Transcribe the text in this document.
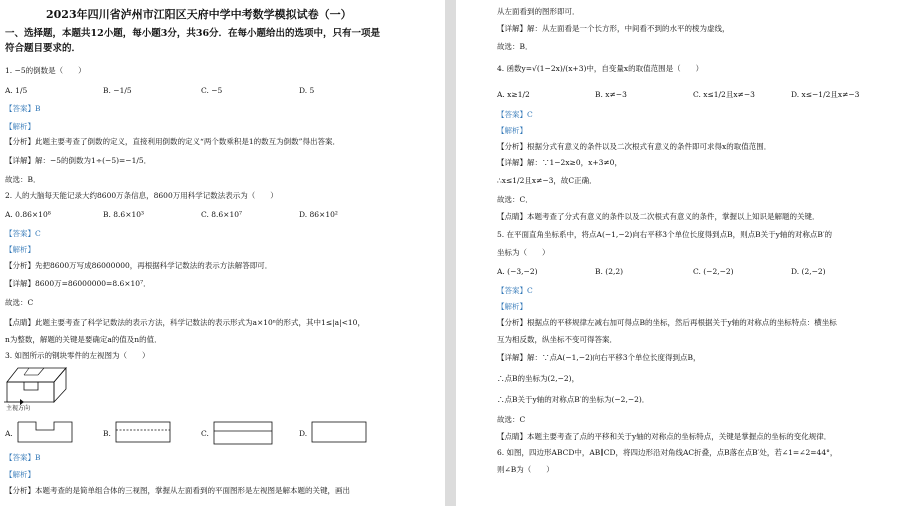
2023年四川省泸州市江阳区天府中学中考数学模拟试卷（一）
一、选择题，本题共12小题，每小题3分，共36分．在每小题给出的选项中，只有一项是
符合题目要求的．
1. −5的倒数是（　　）
A. 1/5	B. −1/5	C. −5	D. 5
【答案】B
【解析】
【分析】此题主要考查了倒数的定义，直接利用倒数的定义“两个数乘积是1的数互为倒数”得出答案．
【详解】解：−5的倒数为1÷(−5)=−1/5．
故选：B．
2. 人的大脑每天能记录大约8600万条信息，8600万用科学记数法表示为（　　）
A. 0.86×10⁸	B. 8.6×10³	C. 8.6×10⁷	D. 86×10²
【答案】C
【解析】
【分析】先把8600万写成86000000，再根据科学记数法的表示方法解答即可．
【详解】8600万=86000000=8.6×10⁷．
故选：C
【点睛】此题主要考查了科学记数法的表示方法，科学记数法的表示形式为a×10ⁿ的形式，其中1≤|a|<10，
n为整数，解题的关键是要确定a的值及n的值．
3. 如图所示的钢块零件的左视图为（　　）
主视方向
A.	B.	C.	D.
【答案】B
【解析】
【分析】本题考查的是简单组合体的三视图，掌握从左面看到的平面图形是左视图是解本题的关键，画出
从左面看到的图形即可．
【详解】解：从左面看是一个长方形，中间看不到的水平的棱为虚线，
故选：B．
4. 函数y=√(1−2x)/(x+3)中，自变量x的取值范围是（　　）
A. x≥1/2	B. x≠−3	C. x≤1/2且x≠−3	D. x≤−1/2且x≠−3
【答案】C
【解析】
【分析】根据分式有意义的条件以及二次根式有意义的条件即可求得x的取值范围．
【详解】解：∵1−2x≥0，x+3≠0，
∴x≤1/2且x≠−3，故C正确．
故选：C．
【点睛】本题考查了分式有意义的条件以及二次根式有意义的条件，掌握以上知识是解题的关键．
5. 在平面直角坐标系中，将点A(−1,−2)向右平移3个单位长度得到点B，则点B关于y轴的对称点B′的
坐标为（　　）
A. (−3,−2)	B. (2,2)	C. (−2,−2)	D. (2,−2)
【答案】C
【解析】
【分析】根据点的平移规律左减右加可得点B的坐标，然后再根据关于y轴的对称点的坐标特点：横坐标
互为相反数，纵坐标不变可得答案．
【详解】解：∵点A(−1,−2)向右平移3个单位长度得到点B，
∴点B的坐标为(2,−2)，
∴点B关于y轴的对称点B′的坐标为(−2,−2)．
故选：C
【点睛】本题主要考查了点的平移和关于y轴的对称点的坐标特点，关键是掌握点的坐标的变化规律．
6. 如图，四边形ABCD中，AB∥CD，将四边形沿对角线AC折叠，点B落在点B′处，若∠1=∠2=44°，
则∠B为（　　）
